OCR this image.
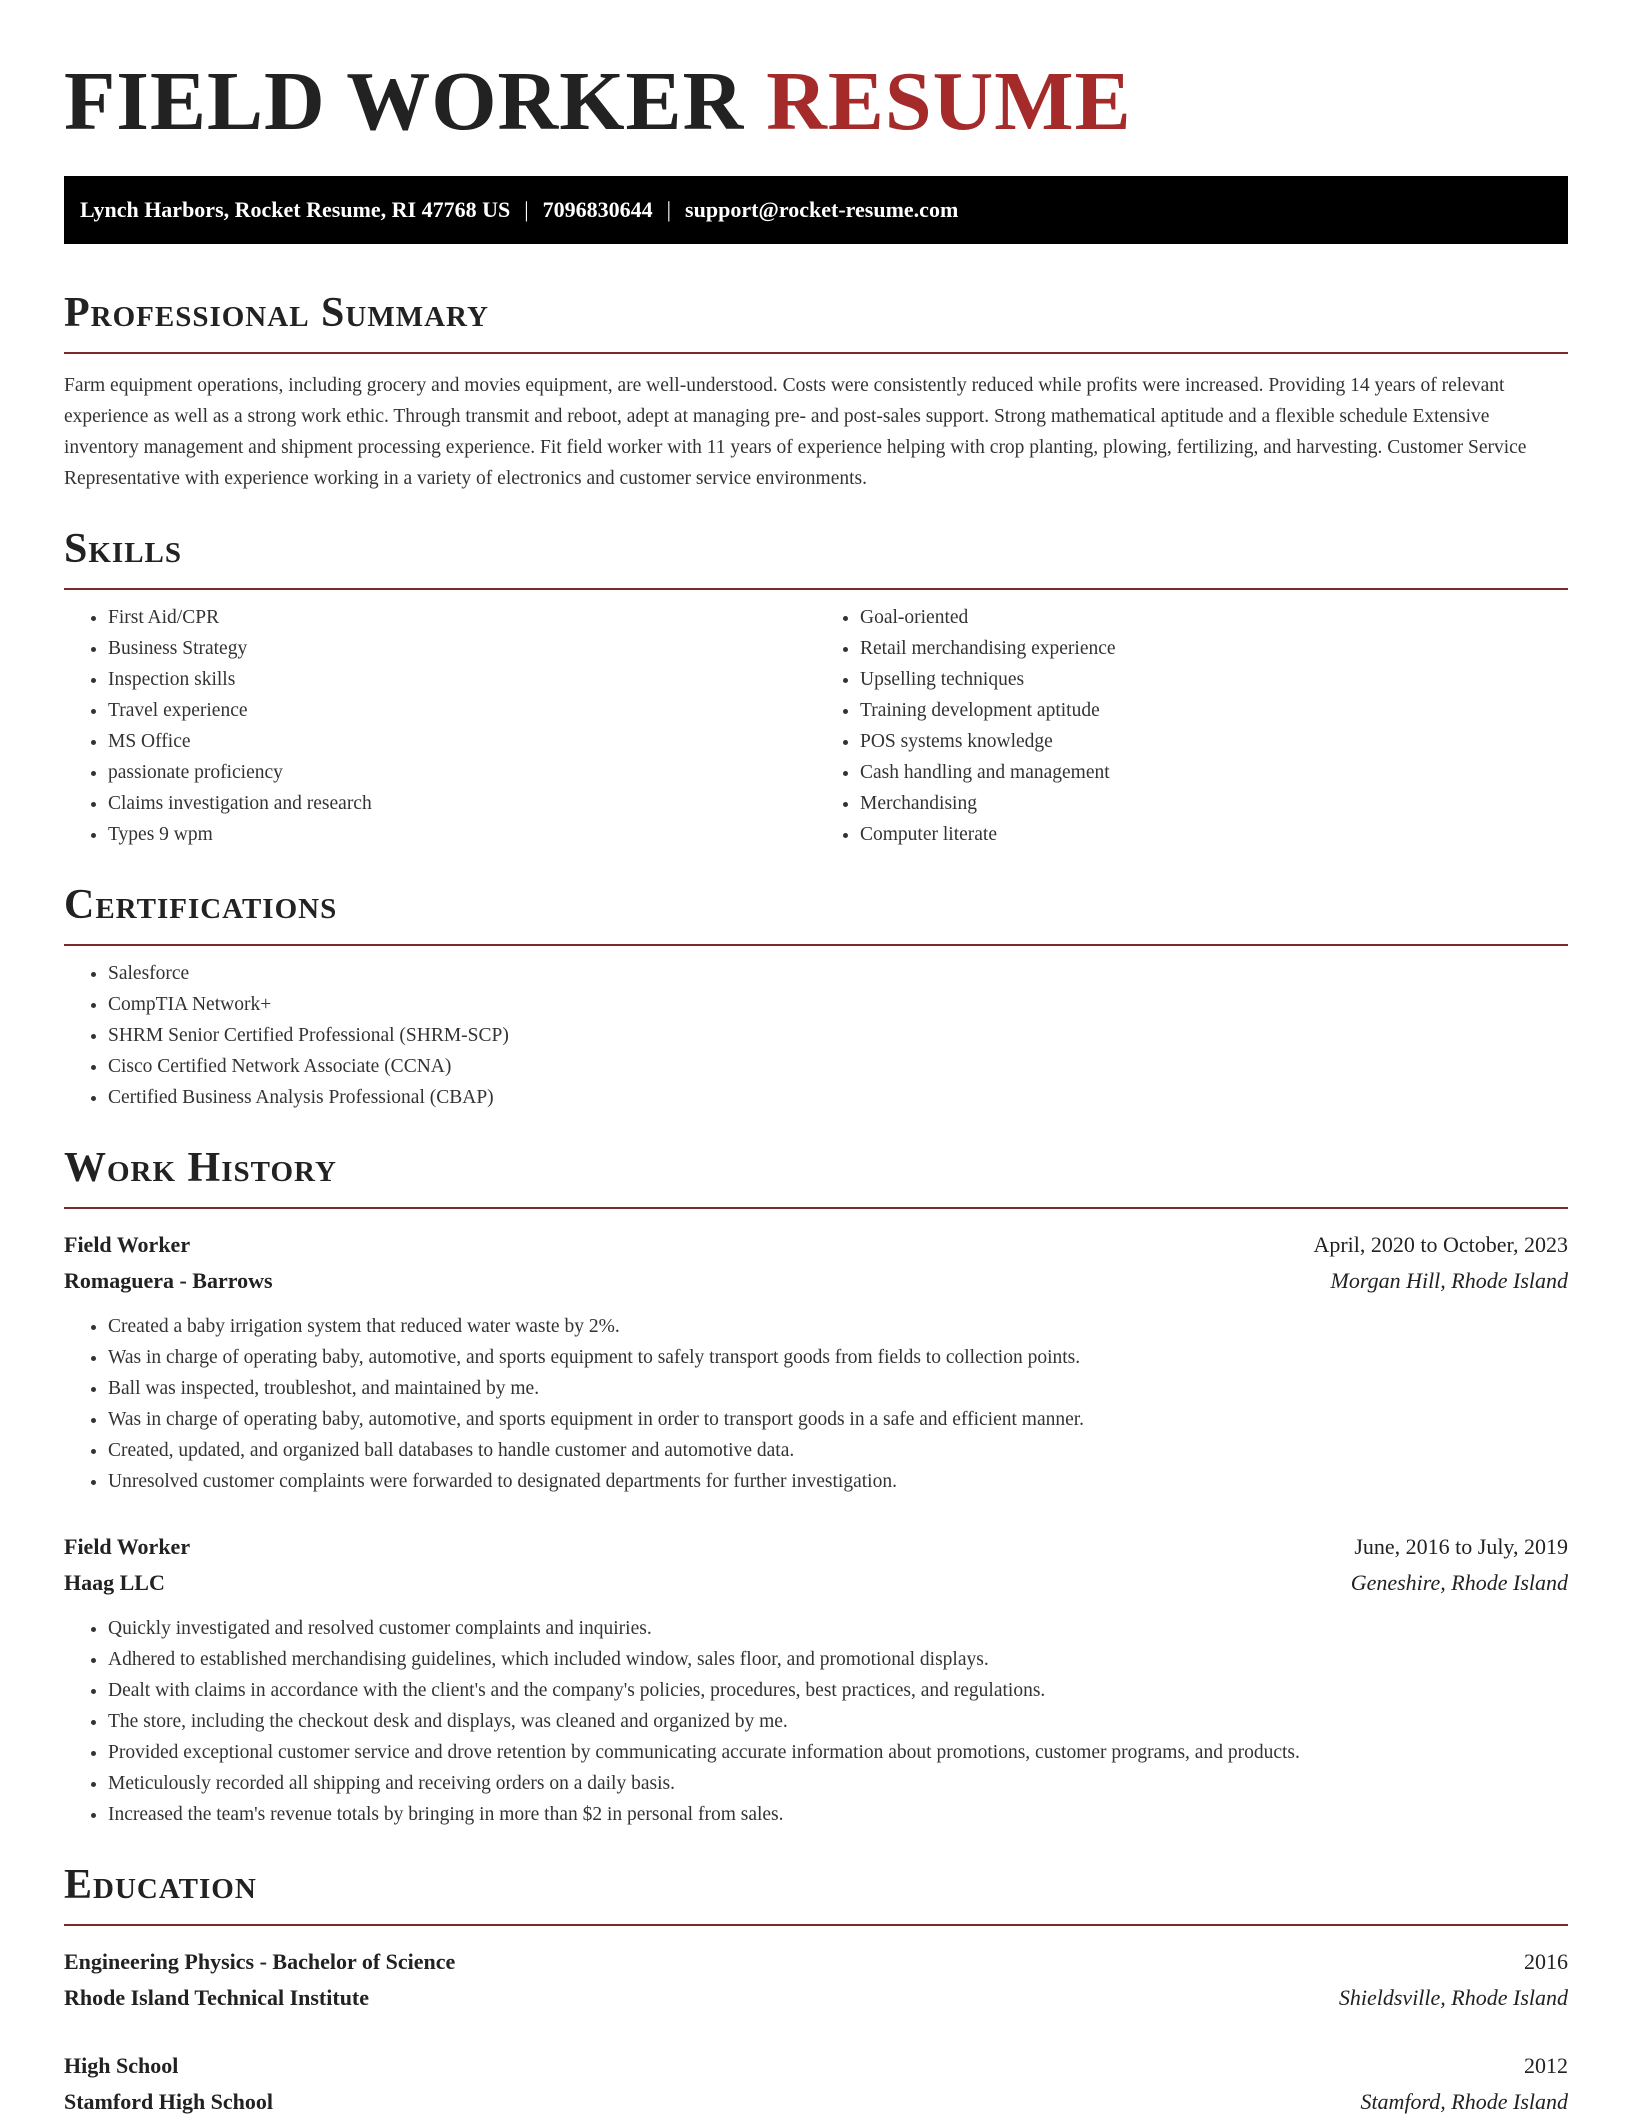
FIELD WORKER RESUME
Lynch Harbors, Rocket Resume, RI 47768 US | 7096830644 | support@rocket-resume.com
Professional Summary

Farm equipment operations, including grocery and movies equipment, are well-understood. Costs were consistently reduced while profits were increased. Providing 14 years of relevant experience as well as a strong work ethic. Through transmit and reboot, adept at managing pre- and post-sales support. Strong mathematical aptitude and a flexible schedule Extensive inventory management and shipment processing experience. Fit field worker with 11 years of experience helping with crop planting, plowing, fertilizing, and harvesting. Customer Service Representative with experience working in a variety of electronics and customer service environments.

Skills
• First Aid/CPR
• Business Strategy
• Inspection skills
• Travel experience
• MS Office
• passionate proficiency
• Claims investigation and research
• Types 9 wpm
• Goal-oriented
• Retail merchandising experience
• Upselling techniques
• Training development aptitude
• POS systems knowledge
• Cash handling and management
• Merchandising
• Computer literate
Certifications
• Salesforce
• CompTIA Network+
• SHRM Senior Certified Professional (SHRM-SCP)
• Cisco Certified Network Associate (CCNA)
• Certified Business Analysis Professional (CBAP)
Work History
Field Worker	April, 2020 to October, 2023
Romaguera - Barrows	Morgan Hill, Rhode Island
• Created a baby irrigation system that reduced water waste by 2%.
• Was in charge of operating baby, automotive, and sports equipment to safely transport goods from fields to collection points.
• Ball was inspected, troubleshot, and maintained by me.
• Was in charge of operating baby, automotive, and sports equipment in order to transport goods in a safe and efficient manner.
• Created, updated, and organized ball databases to handle customer and automotive data.
• Unresolved customer complaints were forwarded to designated departments for further investigation.
Field Worker	June, 2016 to July, 2019
Haag LLC	Geneshire, Rhode Island
• Quickly investigated and resolved customer complaints and inquiries.
• Adhered to established merchandising guidelines, which included window, sales floor, and promotional displays.
• Dealt with claims in accordance with the client's and the company's policies, procedures, best practices, and regulations.
• The store, including the checkout desk and displays, was cleaned and organized by me.
• Provided exceptional customer service and drove retention by communicating accurate information about promotions, customer programs, and products.
• Meticulously recorded all shipping and receiving orders on a daily basis.
• Increased the team's revenue totals by bringing in more than $2 in personal from sales.
Education
Engineering Physics - Bachelor of Science	2016
Rhode Island Technical Institute	Shieldsville, Rhode Island
High School	2012
Stamford High School	Stamford, Rhode Island
